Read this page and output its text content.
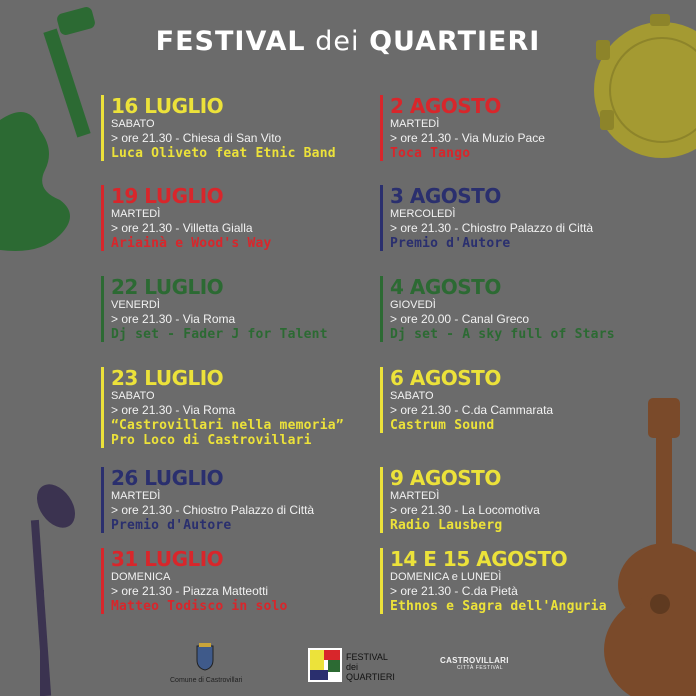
FESTIVAL dei QUARTIERI
16 LUGLIO
SABATO
> ore 21.30 - Chiesa di San Vito
Luca Oliveto feat Etnic Band
19 LUGLIO
MARTEDÌ
> ore 21.30 - Villetta Gialla
Ariainà e Wood's Way
22 LUGLIO
VENERDÌ
> ore 21.30 - Via Roma
Dj set - Fader J for Talent
23 LUGLIO
SABATO
> ore 21.30 - Via Roma
“Castrovillari nella memoria”
Pro Loco di Castrovillari
26 LUGLIO
MARTEDÌ
> ore 21.30 - Chiostro Palazzo di Città
Premio d'Autore
31 LUGLIO
DOMENICA
> ore 21.30 - Piazza Matteotti
Matteo Todisco in solo
2 AGOSTO
MARTEDÌ
> ore 21.30 - Via Muzio Pace
Toca Tango
3 AGOSTO
MERCOLEDÌ
> ore 21.30 - Chiostro Palazzo di Città
Premio d'Autore
4 AGOSTO
GIOVEDÌ
> ore 20.00 - Canal Greco
Dj set - A sky full of Stars
6 AGOSTO
SABATO
> ore 21.30 - C.da Cammarata
Castrum Sound
9 AGOSTO
MARTEDÌ
> ore 21.30 - La Locomotiva
Radio Lausberg
14 E 15 AGOSTO
DOMENICA e LUNEDÌ
> ore 21.30 - C.da Pietà
Ethnos e Sagra dell'Anguria
Comune di Castrovillari
FESTIVAL
dei QUARTIERI
CASTROVILLARI
CITTÀ FESTIVAL
